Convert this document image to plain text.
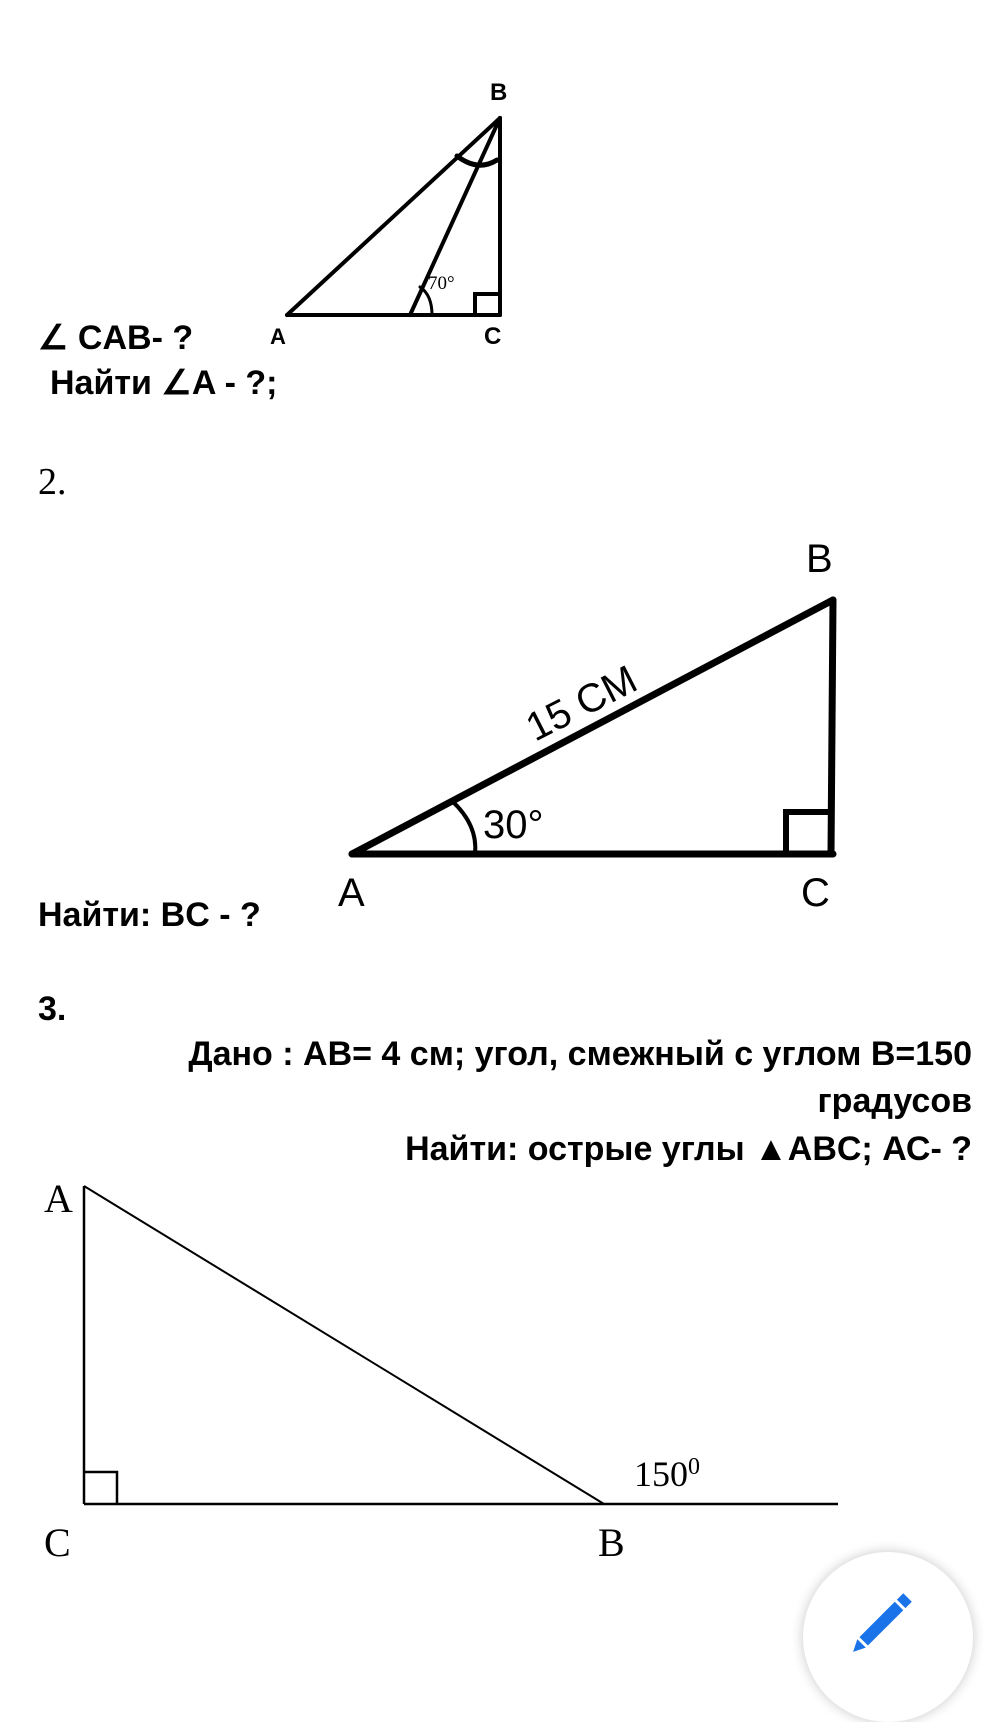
B
A	C
70°
∠ CAB- ?
Найти ∠A - ?;
2.
15 CM
30°
B
A	C
Найти: BC - ?
3.
Дано : AB= 4 см; угол, смежный с углом В=150
градусов
Найти: острые углы ▲ABC; АС- ?
A
C	B
$150^0$
